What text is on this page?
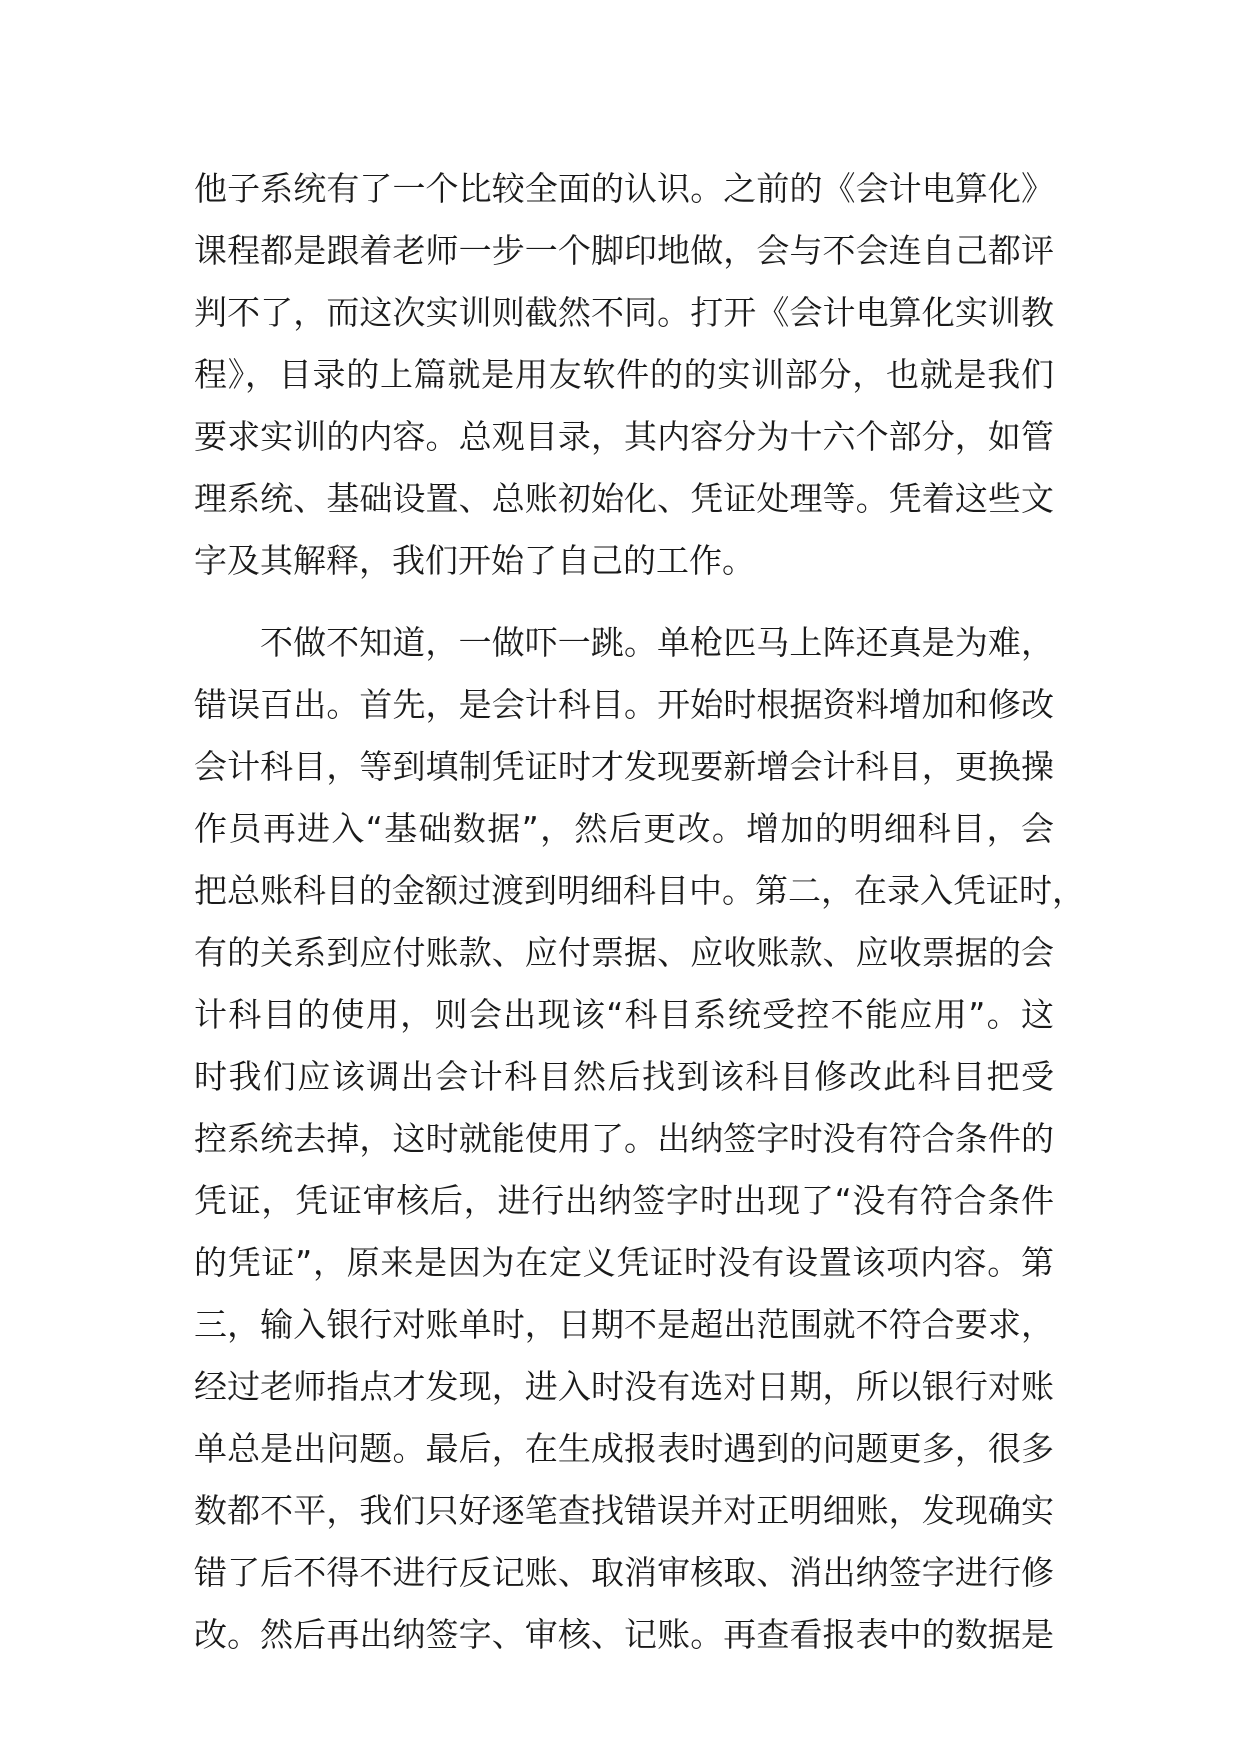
他子系统有了一个比较全面的认识。之前的《会计电算化》
课程都是跟着老师一步一个脚印地做，会与不会连自己都评
判不了，而这次实训则截然不同。打开《会计电算化实训教
程》，目录的上篇就是用友软件的的实训部分，也就是我们
要求实训的内容。总观目录，其内容分为十六个部分，如管
理系统、基础设置、总账初始化、凭证处理等。凭着这些文
字及其解释，我们开始了自己的工作。
不做不知道，一做吓一跳。单枪匹马上阵还真是为难，
错误百出。首先，是会计科目。开始时根据资料增加和修改
会计科目，等到填制凭证时才发现要新增会计科目，更换操
作员再进入“基础数据”，然后更改。增加的明细科目，会
把总账科目的金额过渡到明细科目中。第二，在录入凭证时，
有的关系到应付账款、应付票据、应收账款、应收票据的会
计科目的使用，则会出现该“科目系统受控不能应用”。这
时我们应该调出会计科目然后找到该科目修改此科目把受
控系统去掉，这时就能使用了。出纳签字时没有符合条件的
凭证，凭证审核后，进行出纳签字时出现了“没有符合条件
的凭证”，原来是因为在定义凭证时没有设置该项内容。第
三，输入银行对账单时，日期不是超出范围就不符合要求，
经过老师指点才发现，进入时没有选对日期，所以银行对账
单总是出问题。最后，在生成报表时遇到的问题更多，很多
数都不平，我们只好逐笔查找错误并对正明细账，发现确实
错了后不得不进行反记账、取消审核取、消出纳签字进行修
改。然后再出纳签字、审核、记账。再查看报表中的数据是
